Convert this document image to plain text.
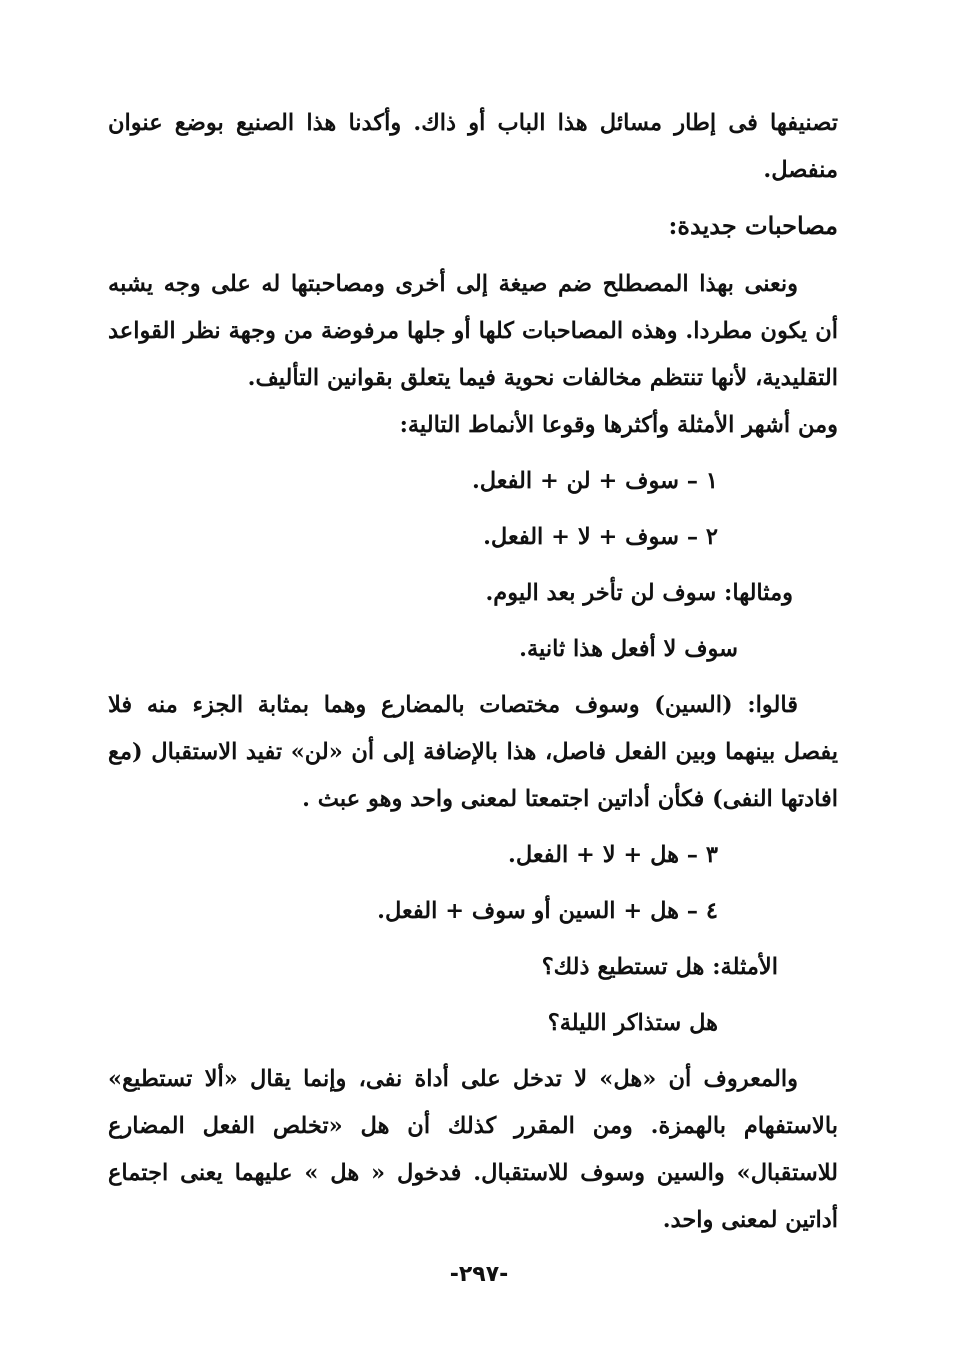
تصنيفها فى إطار مسائل هذا الباب أو ذاك. وأكدنا هذا الصنيع بوضع عنوان منفصل.

مصاحبات جديدة:

ونعنى بهذا المصطلح ضم صيغة إلى أخرى ومصاحبتها له على وجه يشبه أن يكون مطردا. وهذه المصاحبات كلها أو جلها مرفوضة من وجهة نظر القواعد التقليدية، لأنها تنتظم مخالفات نحوية فيما يتعلق بقوانين التأليف.

ومن أشهر الأمثلة وأكثرها وقوعا الأنماط التالية:

١ – سوف + لن + الفعل.

٢ – سوف + لا + الفعل.

ومثالها: سوف لن تأخر بعد اليوم.

سوف لا أفعل هذا ثانية.

قالوا: (السين) وسوف مختصات بالمضارع وهما بمثابة الجزء منه فلا يفصل بينهما وبين الفعل فاصل، هذا بالإضافة إلى أن «لن» تفيد الاستقبال (مع افادتها النفى) فكأن أداتين اجتمعتا لمعنى واحد وهو عبث .

٣ – هل + لا + الفعل.

٤ – هل + السين أو سوف + الفعل.

الأمثلة: هل تستطيع ذلك؟

هل ستذاكر الليلة؟

والمعروف أن «هل» لا تدخل على أداة نفى، وإنما يقال «ألا تستطيع» بالاستفهام بالهمزة. ومن المقرر كذلك أن هل «تخلص الفعل المضارع للاستقبال» والسين وسوف للاستقبال. فدخول « هل » عليهما يعنى اجتماع أداتين لمعنى واحد.

-٢٩٧-
